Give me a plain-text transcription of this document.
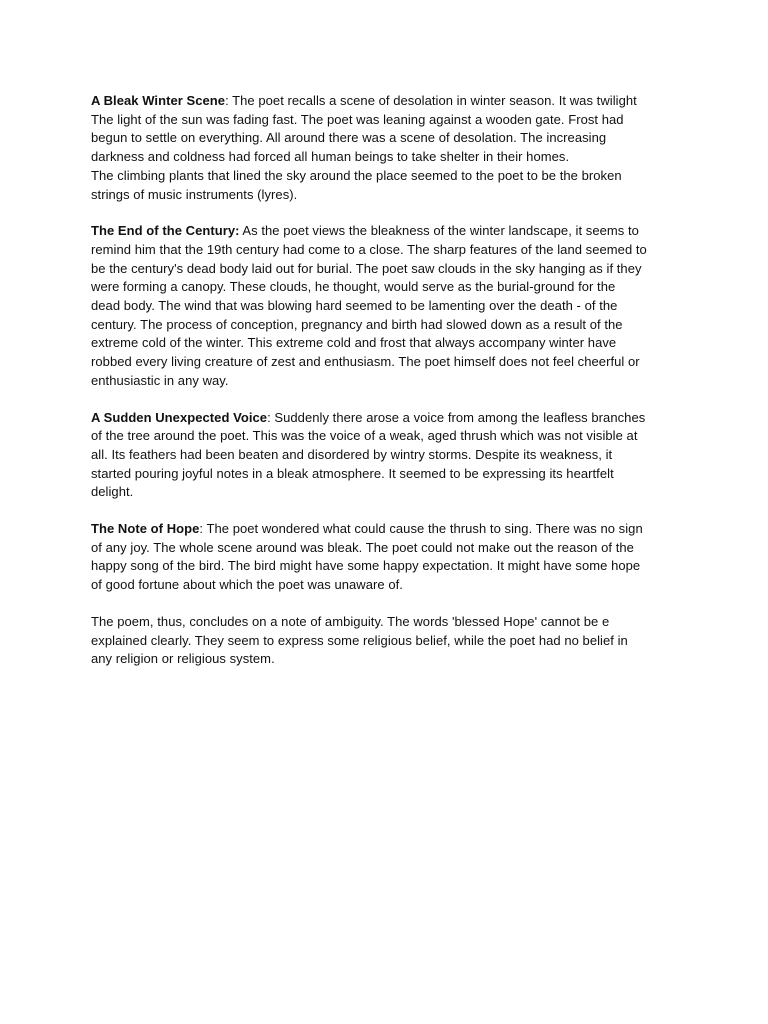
A Bleak Winter Scene: The poet recalls a scene of desolation in winter season. It was twilight
The light of the sun was fading fast. The poet was leaning against a wooden gate. Frost had
begun to settle on everything. All around there was a scene of desolation. The increasing
darkness and coldness had forced all human beings to take shelter in their homes.
The climbing plants that lined the sky around the place seemed to the poet to be the broken
strings of music instruments (lyres).

The End of the Century: As the poet views the bleakness of the winter landscape, it seems to
remind him that the 19th century had come to a close. The sharp features of the land seemed to
be the century's dead body laid out for burial. The poet saw clouds in the sky hanging as if they
were forming a canopy. These clouds, he thought, would serve as the burial-ground for the
dead body. The wind that was blowing hard seemed to be lamenting over the death - of the
century. The process of conception, pregnancy and birth had slowed down as a result of the
extreme cold of the winter. This extreme cold and frost that always accompany winter have
robbed every living creature of zest and enthusiasm. The poet himself does not feel cheerful or
enthusiastic in any way.

A Sudden Unexpected Voice: Suddenly there arose a voice from among the leafless branches
of the tree around the poet. This was the voice of a weak, aged thrush which was not visible at
all. Its feathers had been beaten and disordered by wintry storms. Despite its weakness, it
started pouring joyful notes in a bleak atmosphere. It seemed to be expressing its heartfelt
delight.

The Note of Hope: The poet wondered what could cause the thrush to sing. There was no sign
of any joy. The whole scene around was bleak. The poet could not make out the reason of the
happy song of the bird. The bird might have some happy expectation. It might have some hope
of good fortune about which the poet was unaware of.

The poem, thus, concludes on a note of ambiguity. The words 'blessed Hope' cannot be e
explained clearly. They seem to express some religious belief, while the poet had no belief in
any religion or religious system.
